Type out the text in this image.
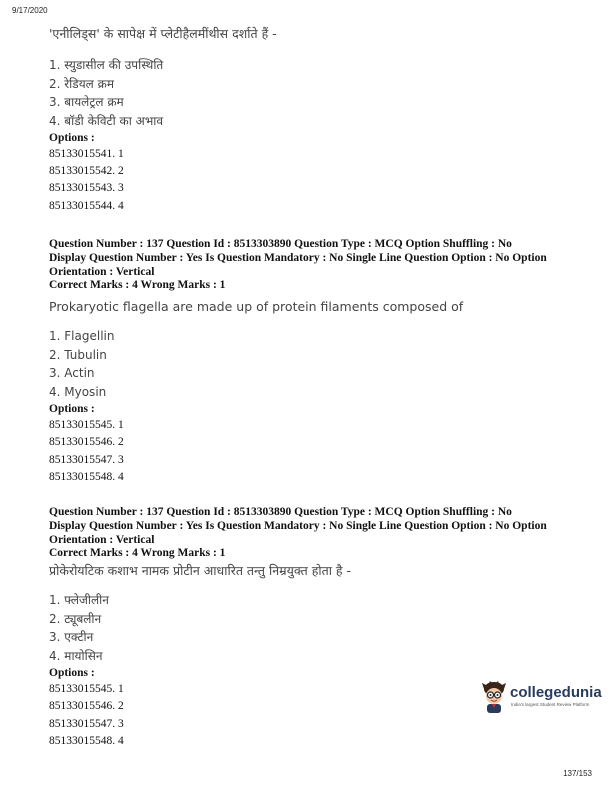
9/17/2020
'एनीलिड्स' के सापेक्ष में प्लेटीहैलमींथीस दर्शाते हैं -
1. स्युडासील की उपस्थिति
2. रेडियल क्रम
3. बायलेट्रल क्रम
4. बॉडी केविटी का अभाव
Options :
85133015541. 1
85133015542. 2
85133015543. 3
85133015544. 4
Question Number : 137 Question Id : 8513303890 Question Type : MCQ Option Shuffling : No
Display Question Number : Yes Is Question Mandatory : No Single Line Question Option : No Option
Orientation : Vertical
Correct Marks : 4 Wrong Marks : 1
Prokaryotic flagella are made up of protein filaments composed of
1. Flagellin
2. Tubulin
3. Actin
4. Myosin
Options :
85133015545. 1
85133015546. 2
85133015547. 3
85133015548. 4
Question Number : 137 Question Id : 8513303890 Question Type : MCQ Option Shuffling : No
Display Question Number : Yes Is Question Mandatory : No Single Line Question Option : No Option
Orientation : Vertical
Correct Marks : 4 Wrong Marks : 1
प्रोकेरोयटिक कशाभ नामक प्रोटीन आधारित तन्तु निम्रयुक्त होता है -
1. फ्लेजीलीन
2. ट्यूबलीन
3. एक्टीन
4. मायोसिन
Options :
85133015545. 1
85133015546. 2
85133015547. 3
85133015548. 4
collegedunia
India's largest Student Review Platform
137/153
